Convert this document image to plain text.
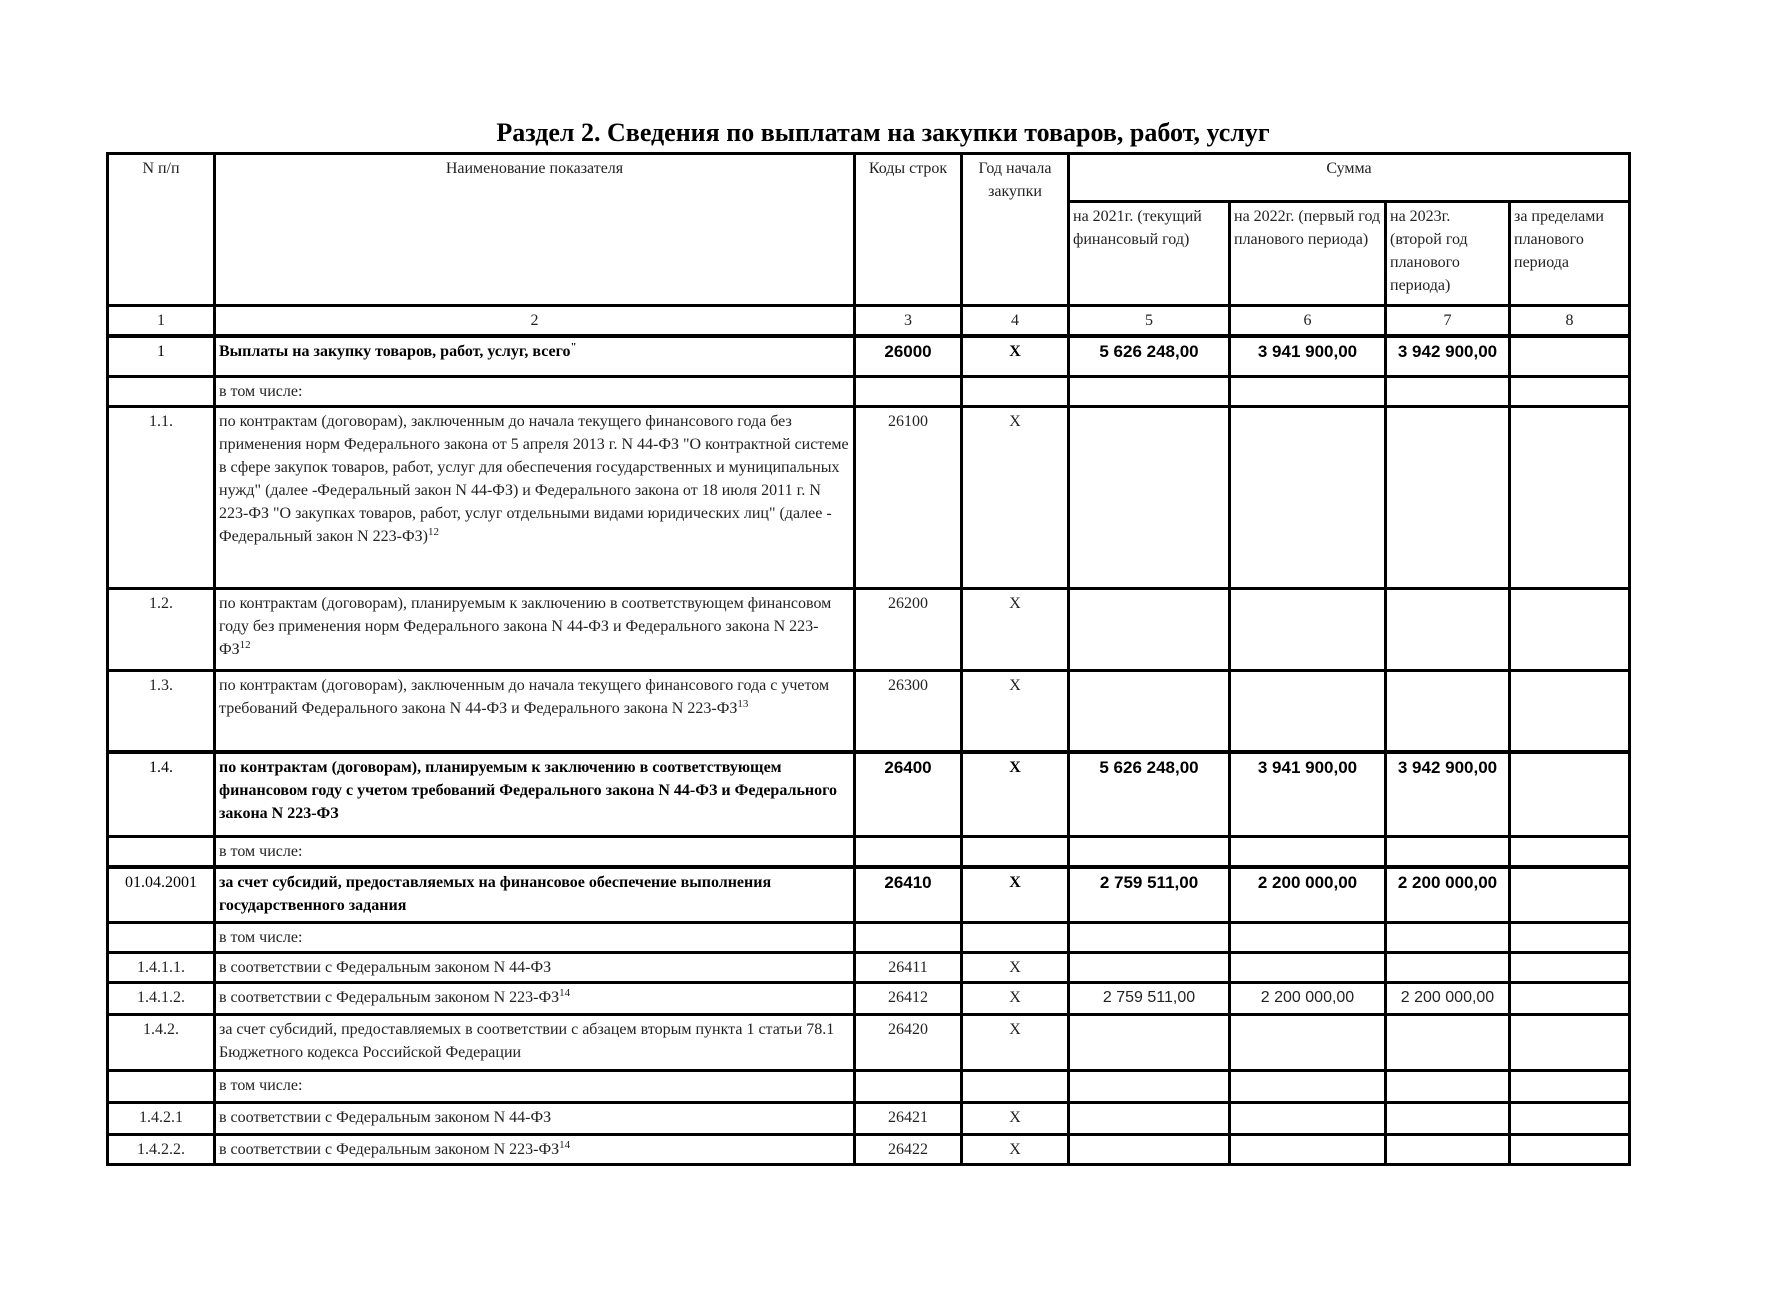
Раздел 2. Сведения по выплатам на закупки товаров, работ, услуг
N п/п	Наименование показателя	Коды строк	Год начала закупки	Сумма			
				на 2021г. (текущий финансовый год)	на 2022г. (первый год планового периода)	на 2023г. (второй год планового периода)	за пределами планового периода
1	2	3	4	5	6	7	8
1	Выплаты на закупку товаров, работ, услуг, всего"	26000	Х	5 626 248,00	3 941 900,00	3 942 900,00	
	в том числе:						
1.1.	по контрактам (договорам), заключенным до начала текущего финансового года без применения норм Федерального закона от 5 апреля 2013 г. N 44-ФЗ "О контрактной системе в сфере закупок товаров, работ, услуг для обеспечения государственных и муниципальных нужд" (далее -Федеральный закон N 44-ФЗ) и Федерального закона от 18 июля 2011 г. N 223-ФЗ "О закупках товаров, работ, услуг отдельными видами юридических лиц" (далее - Федеральный закон N 223-ФЗ)$^{12}$	26100	Х				
1.2.	по контрактам (договорам), планируемым к заключению в соответствующем финансовом году без применения норм Федерального закона N 44-ФЗ и Федерального закона N 223-ФЗ$^{12}$	26200	Х				
1.3.	по контрактам (договорам), заключенным до начала текущего финансового года с учетом требований Федерального закона N 44-ФЗ и Федерального закона N 223-ФЗ$^{13}$	26300	Х				
1.4.	по контрактам (договорам), планируемым к заключению в соответствующем финансовом году с учетом требований Федерального закона N 44-ФЗ и Федерального закона N 223-ФЗ	26400	Х	5 626 248,00	3 941 900,00	3 942 900,00	
	в том числе:						
01.04.2001	за счет субсидий, предоставляемых на финансовое обеспечение выполнения государственного задания	26410	Х	2 759 511,00	2 200 000,00	2 200 000,00	
	в том числе:						
1.4.1.1.	в соответствии с Федеральным законом N 44-ФЗ	26411	Х				
1.4.1.2.	в соответствии с Федеральным законом N 223-ФЗ$^{14}$	26412	Х	2 759 511,00	2 200 000,00	2 200 000,00	
1.4.2.	за счет субсидий, предоставляемых в соответствии с абзацем вторым пункта 1 статьи 78.1 Бюджетного кодекса Российской Федерации	26420	Х				
	в том числе:						
1.4.2.1	в соответствии с Федеральным законом N 44-ФЗ	26421	Х				
1.4.2.2.	в соответствии с Федеральным законом N 223-ФЗ$^{14}$	26422	Х				
